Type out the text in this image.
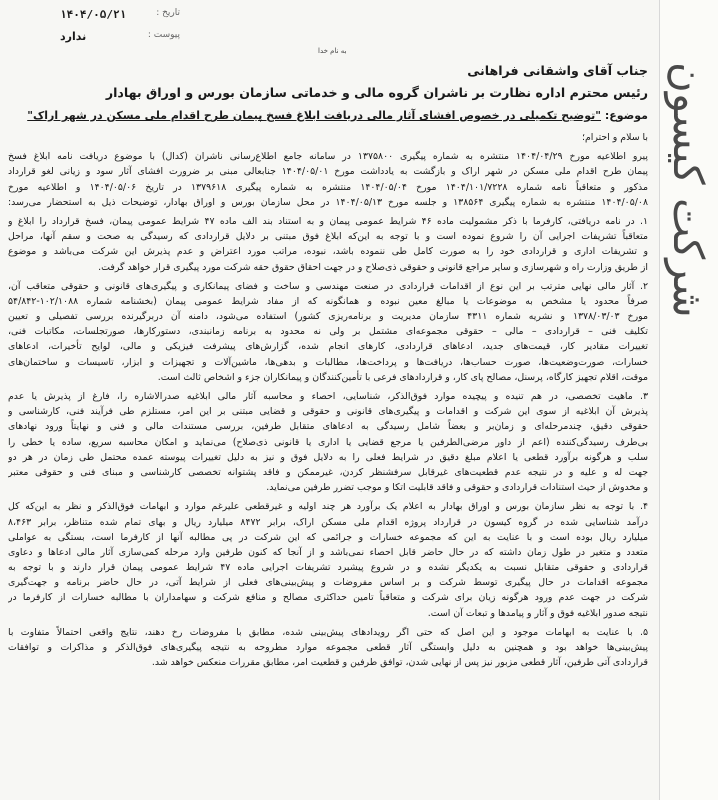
شرکت کیسون
تاریخ :
۱۴۰۴/۰۵/۲۱
پیوست :
ندارد
به نام خدا
جناب آقای واشقانی فراهانی
رئیس محترم اداره نظارت بر ناشران گروه مالی و خدماتی سازمان بورس و اوراق بهادار
موضوع: "توضیح تکمیلی در خصوص افشای آثار مالی دریافت ابلاغ فسخ پیمان طرح اقدام ملی مسکن در شهر اراک"
با سلام و احترام؛
پیرو اطلاعیه مورخ ۱۴۰۴/۰۴/۲۹ منتشره به شماره پیگیری ۱۳۷۵۸۰۰ در سامانه جامع اطلاع‌رسانی ناشران (کدال) با موضوع دریافت نامه ابلاغ فسخ
پیمان طرح اقدام ملی مسکن در شهر اراک و بازگشت به یادداشت مورخ ۱۴۰۴/۰۵/۰۱ جنابعالی مبنی بر ضرورت افشای آثار سود و زیانی لغو قرارداد
مذکور و متعاقباً نامه شماره ۱۴۰۴/۱۰۱/۷۲۲۸ مورخ ۱۴۰۴/۰۵/۰۴ منتشره به شماره پیگیری ۱۳۷۹۶۱۸ در تاریخ ۱۴۰۴/۰۵/۰۶ و اطلاعیه مورخ
۱۴۰۴/۰۵/۰۸ منتشره به شماره پیگیری ۱۳۸۵۶۴ و جلسه مورخ ۱۴۰۴/۰۵/۱۳ در محل سازمان بورس و اوراق بهادار، توضیحات ذیل به استحضار می‌رسد:
۱. در نامه دریافتی، کارفرما با ذکر مشمولیت ماده ۴۶ شرایط عمومی پیمان و به استناد بند الف ماده ۴۷ شرایط عمومی پیمان، فسخ قرارداد را ابلاغ و
متعاقباً تشریفات اجرایی آن را شروع نموده است و با توجه به این‌که ابلاغ فوق مبتنی بر دلایل قراردادی که رسیدگی به صحت و سقم آنها، مراحل
و تشریفات اداری و قراردادی خود را به صورت کامل طی ننموده باشد، نبوده، مراتب مورد اعتراض و عدم پذیرش این شرکت می‌باشد و موضوع
از طریق وزارت راه و شهرسازی و سایر مراجع قانونی و حقوقی ذی‌صلاح و در جهت احقاق حقوق حقه شرکت مورد پیگیری قرار خواهد گرفت.
۲. آثار مالی نهایی مترتب بر این نوع از اقدامات قراردادی در صنعت مهندسی و ساخت و فضای پیمانکاری و پیگیری‌های قانونی و حقوقی متعاقب آن،
صرفاً محدود یا مشخص به موضوعات یا مبالغ معین نبوده و همانگونه که از مفاد شرایط عمومی پیمان (بخشنامه شماره ۱۰۲/۱۰۸۸-۵۴/۸۴۲
مورخ ۱۳۷۸/۰۳/۰۳ و نشریه شماره ۴۳۱۱ سازمان مدیریت و برنامه‌ریزی کشور) استفاده می‌شود، دامنه آن دربرگیرنده بررسی تفصیلی و تعیین
تکلیف فنی – قراردادی – مالی – حقوقی مجموعه‌ای مشتمل بر ولی نه محدود به برنامه زمانبندی، دستورکارها، صورتجلسات، مکاتبات فنی،
تغییرات مقادیر کار، قیمت‌های جدید، ادعاهای قراردادی، کارهای انجام شده، گزارش‌های پیشرفت فیزیکی و مالی، لوایح تأخیرات، ادعاهای
خسارات، صورت‌وضعیت‌ها، صورت حساب‌ها، دریافت‌ها و پرداخت‌ها، مطالبات و بدهی‌ها، ماشین‌آلات و تجهیزات و ابزار، تاسیسات و ساختمان‌های
موقت، اقلام تجهیز کارگاه، پرسنل، مصالح پای کار، و قراردادهای فرعی با تأمین‌کنندگان و پیمانکاران جزء و اشخاص ثالث است.
۳. ماهیت تخصصی، در هم تنیده و پیچیده موارد فوق‌الذکر، شناسایی، احصاء و محاسبه آثار مالی ابلاغیه صدرالاشاره را، فارغ از پذیرش یا عدم
پذیرش آن ابلاغیه از سوی این شرکت و اقدامات و پیگیری‌های قانونی و حقوقی و قضایی مبتنی بر این امر، مستلزم طی فرآیند فنی، کارشناسی و
حقوقی دقیق، چندمرحله‌ای و زمان‌بر و بعضاً شامل رسیدگی به ادعاهای متقابل طرفین، بررسی مستندات مالی و فنی و نهایتاً ورود نهادهای
بی‌طرف رسیدگی‌کننده (اعم از داور مرضی‌الطرفین یا مرجع قضایی یا اداری یا قانونی ذی‌صلاح) می‌نماید و امکان محاسبه سریع، ساده یا خطی را
سلب و هرگونه برآورد قطعی یا اعلام مبلغ دقیق در شرایط فعلی را به دلایل فوق و نیز به دلیل تغییرات پیوسته عمده محتمل طی زمان در هر دو
جهت له و علیه و در نتیجه عدم قطعیت‌های غیرقابل سرفشنظر کردن، غیرممکن و فاقد پشتوانه تخصصی کارشناسی و مبنای فنی و حقوقی معتبر
و مخدوش از حیث استنادات قراردادی و حقوقی و فاقد قابلیت اتکا و موجب تضرر طرفین می‌نماید.
۴. با توجه به نظر سازمان بورس و اوراق بهادار به اعلام یک برآورد هر چند اولیه و غیرقطعی علیرغم موارد و ابهامات فوق‌الذکر و نظر به این‌که کل
درآمد شناسایی شده در گروه کیسون در قرارداد پروژه اقدام ملی مسکن اراک، برابر ۸۴۷۲ میلیارد ریال و بهای تمام شده متناظر، برابر ۸،۴۶۳
میلیارد ریال بوده است و با عنایت به این که مجموعه خسارات و جرائمی که این شرکت در پی مطالبه آنها از کارفرما است، بستگی به عواملی
متعدد و متغیر در طول زمان داشته که در حال حاضر قابل احصاء نمی‌باشد و از آنجا که کنون طرفین وارد مرحله کمی‌سازی آثار مالی ادعاها و دعاوی
قراردادی و حقوقی متقابل نسبت به یکدیگر نشده و در شروع پیشبرد تشریفات اجرایی ماده ۴۷ شرایط عمومی پیمان قرار دارند و با توجه به
مجموعه اقدامات در حال پیگیری توسط شرکت و بر اساس مفروضات و پیش‌بینی‌های فعلی از شرایط آتی، در حال حاضر برنامه و جهت‌گیری
شرکت در جهت عدم ورود هرگونه زیان برای شرکت و متعاقباً تامین حداکثری مصالح و منافع شرکت و سهامداران با مطالبه خسارات از کارفرما در
نتیجه صدور ابلاغیه فوق و آثار و پیامدها و تبعات آن است.
۵. با عنایت به ابهامات موجود و این اصل که حتی اگر رویدادهای پیش‌بینی شده، مطابق با مفروضات رخ دهند، نتایج واقعی احتمالاً متفاوت با
پیش‌بینی‌ها خواهد بود و همچنین به دلیل وابستگی آثار قطعی مجموعه موارد مطروحه به نتیجه پیگیری‌های فوق‌الذکر و مذاکرات و توافقات
قراردادی آتی طرفین، آثار قطعی مزبور نیز پس از نهایی شدن، توافق طرفین و قطعیت امر، مطابق مقررات منعکس خواهد شد.
